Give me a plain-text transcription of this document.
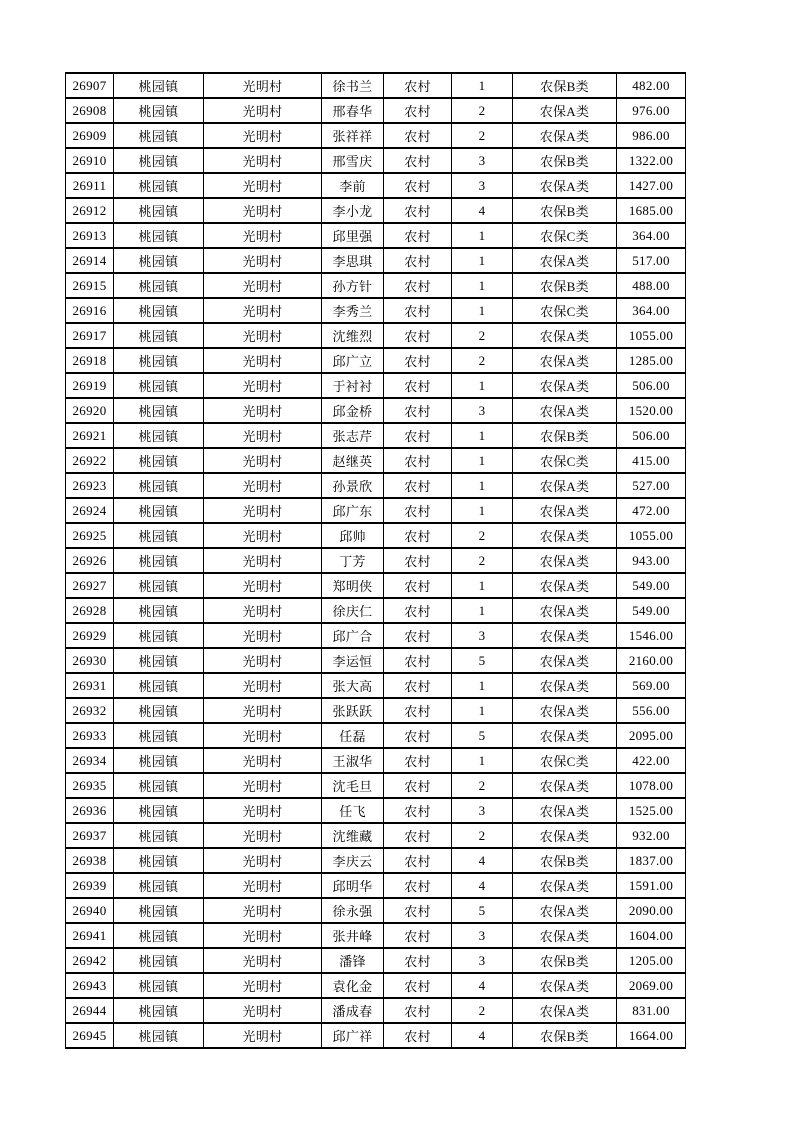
26907	桃园镇	光明村	徐书兰	农村	1	农保B类	482.00
26908	桃园镇	光明村	邢春华	农村	2	农保A类	976.00
26909	桃园镇	光明村	张祥祥	农村	2	农保A类	986.00
26910	桃园镇	光明村	邢雪庆	农村	3	农保B类	1322.00
26911	桃园镇	光明村	李前	农村	3	农保A类	1427.00
26912	桃园镇	光明村	李小龙	农村	4	农保B类	1685.00
26913	桃园镇	光明村	邱里强	农村	1	农保C类	364.00
26914	桃园镇	光明村	李思琪	农村	1	农保A类	517.00
26915	桃园镇	光明村	孙方针	农村	1	农保B类	488.00
26916	桃园镇	光明村	李秀兰	农村	1	农保C类	364.00
26917	桃园镇	光明村	沈维烈	农村	2	农保A类	1055.00
26918	桃园镇	光明村	邱广立	农村	2	农保A类	1285.00
26919	桃园镇	光明村	于衬衬	农村	1	农保A类	506.00
26920	桃园镇	光明村	邱金桥	农村	3	农保A类	1520.00
26921	桃园镇	光明村	张志芹	农村	1	农保B类	506.00
26922	桃园镇	光明村	赵继英	农村	1	农保C类	415.00
26923	桃园镇	光明村	孙景欣	农村	1	农保A类	527.00
26924	桃园镇	光明村	邱广东	农村	1	农保A类	472.00
26925	桃园镇	光明村	邱帅	农村	2	农保A类	1055.00
26926	桃园镇	光明村	丁芳	农村	2	农保A类	943.00
26927	桃园镇	光明村	郑明侠	农村	1	农保A类	549.00
26928	桃园镇	光明村	徐庆仁	农村	1	农保A类	549.00
26929	桃园镇	光明村	邱广合	农村	3	农保A类	1546.00
26930	桃园镇	光明村	李运恒	农村	5	农保A类	2160.00
26931	桃园镇	光明村	张大高	农村	1	农保A类	569.00
26932	桃园镇	光明村	张跃跃	农村	1	农保A类	556.00
26933	桃园镇	光明村	任磊	农村	5	农保A类	2095.00
26934	桃园镇	光明村	王淑华	农村	1	农保C类	422.00
26935	桃园镇	光明村	沈毛旦	农村	2	农保A类	1078.00
26936	桃园镇	光明村	任飞	农村	3	农保A类	1525.00
26937	桃园镇	光明村	沈维藏	农村	2	农保A类	932.00
26938	桃园镇	光明村	李庆云	农村	4	农保B类	1837.00
26939	桃园镇	光明村	邱明华	农村	4	农保A类	1591.00
26940	桃园镇	光明村	徐永强	农村	5	农保A类	2090.00
26941	桃园镇	光明村	张井峰	农村	3	农保A类	1604.00
26942	桃园镇	光明村	潘锋	农村	3	农保B类	1205.00
26943	桃园镇	光明村	袁化金	农村	4	农保A类	2069.00
26944	桃园镇	光明村	潘成春	农村	2	农保A类	831.00
26945	桃园镇	光明村	邱广祥	农村	4	农保B类	1664.00
